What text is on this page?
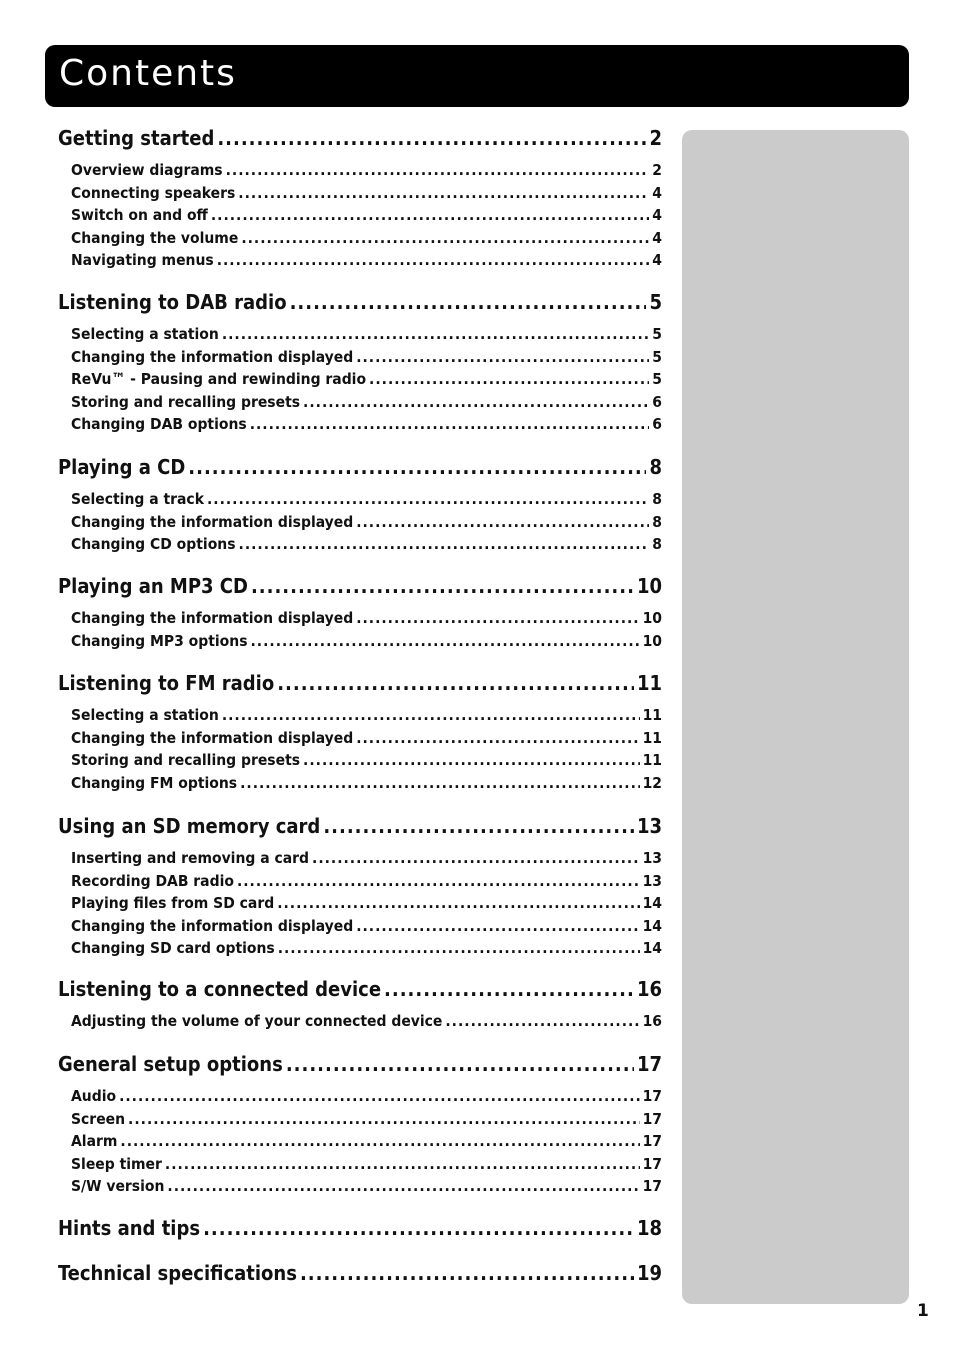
Contents
Getting started .....	2
Overview diagrams .....	2
Connecting speakers .....	4
Switch on and off .....	4
Changing the volume .....	4
Navigating menus .....	4
Listening to DAB radio .....	5
Selecting a station .....	5
Changing the information displayed .....	5
ReVu™ - Pausing and rewinding radio .....	5
Storing and recalling presets .....	6
Changing DAB options .....	6
Playing a CD .....	8
Selecting a track .....	8
Changing the information displayed .....	8
Changing CD options .....	8
Playing an MP3 CD .....	10
Changing the information displayed .....	10
Changing MP3 options .....	10
Listening to FM radio .....	11
Selecting a station .....	11
Changing the information displayed .....	11
Storing and recalling presets .....	11
Changing FM options .....	12
Using an SD memory card .....	13
Inserting and removing a card .....	13
Recording DAB radio .....	13
Playing files from SD card .....	14
Changing the information displayed .....	14
Changing SD card options .....	14
Listening to a connected device .....	16
Adjusting the volume of your connected device .....	16
General setup options .....	17
Audio .....	17
Screen .....	17
Alarm .....	17
Sleep timer .....	17
S/W version .....	17
Hints and tips .....	18
Technical specifications .....	19
1
